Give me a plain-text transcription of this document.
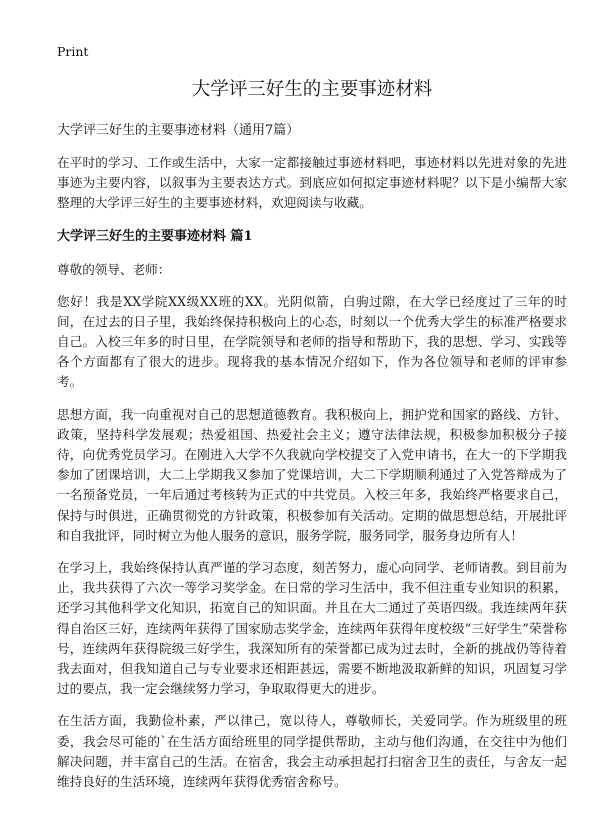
Print
大学评三好生的主要事迹材料
大学评三好生的主要事迹材料（通用7篇）

在平时的学习、工作或生活中，大家一定都接触过事迹材料吧，事迹材料以先进对象的先进事迹为主要内容，以叙事为主要表达方式。到底应如何拟定事迹材料呢？以下是小编帮大家整理的大学评三好生的主要事迹材料，欢迎阅读与收藏。

大学评三好生的主要事迹材料 篇1
尊敬的领导、老师：

您好！我是XX学院XX级XX班的XX。光阴似箭，白驹过隙，在大学已经度过了三年的时间，在过去的日子里，我始终保持积极向上的心态，时刻以一个优秀大学生的标准严格要求自己。入校三年多的时日里，在学院领导和老师的指导和帮助下，我的思想、学习、实践等各个方面都有了很大的进步。现将我的基本情况介绍如下，作为各位领导和老师的评审参考。

思想方面，我一向重视对自己的思想道德教育。我积极向上，拥护党和国家的路线、方针、政策，坚持科学发展观；热爱祖国、热爱社会主义；遵守法律法规，积极参加积极分子接待，向优秀党员学习。在刚进入大学不久我就向学校提交了入党申请书，在大一的下学期我参加了团课培训，大二上学期我又参加了党课培训，大二下学期顺利通过了入党答辩成为了一名预备党员，一年后通过考核转为正式的中共党员。入校三年多，我始终严格要求自己，保持与时俱进，正确贯彻党的方针政策，积极参加有关活动。定期的做思想总结，开展批评和自我批评，同时树立为他人服务的意识，服务学院，服务同学，服务身边所有人！

在学习上，我始终保持认真严谨的学习态度，刻苦努力，虚心向同学、老师请教。到目前为止，我共获得了六次一等学习奖学金。在日常的学习生活中，我不但注重专业知识的积累，还学习其他科学文化知识，拓宽自己的知识面。并且在大二通过了英语四级。我连续两年获得自治区三好，连续两年获得了国家励志奖学金，连续两年获得年度校级“三好学生”荣誉称号，连续两年获得院级三好学生，我深知所有的荣誉都已成为过去时，全新的挑战仍等待着我去面对，但我知道自己与专业要求还相距甚远，需要不断地汲取新鲜的知识，巩固复习学过的要点，我一定会继续努力学习，争取取得更大的进步。

在生活方面，我勤俭朴素，严以律己，宽以待人，尊敬师长，关爱同学。作为班级里的班委，我会尽可能的`在生活方面给班里的同学提供帮助，主动与他们沟通，在交往中为他们解决问题，并丰富自己的生活。在宿舍，我会主动承担起打扫宿舍卫生的责任，与舍友一起维持良好的生活环境，连续两年获得优秀宿舍称号。
